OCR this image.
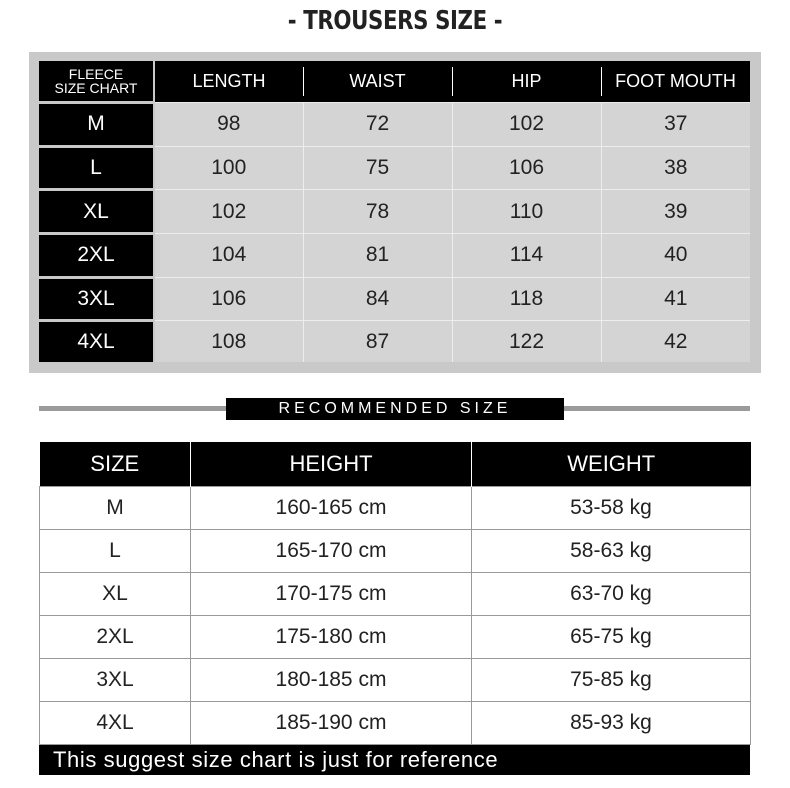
- TROUSERS SIZE -
FLEECE
SIZE CHART	LENGTH	WAIST	HIP	FOOT MOUTH
M	98	72	102	37
L	100	75	106	38
XL	102	78	110	39
2XL	104	81	114	40
3XL	106	84	118	41
4XL	108	87	122	42
RECOMMENDED SIZE
SIZE	HEIGHT	WEIGHT
M	160-165 cm	53-58 kg
L	165-170 cm	58-63 kg
XL	170-175 cm	63-70 kg
2XL	175-180 cm	65-75 kg
3XL	180-185 cm	75-85 kg
4XL	185-190 cm	85-93 kg
This suggest size chart is just for reference
